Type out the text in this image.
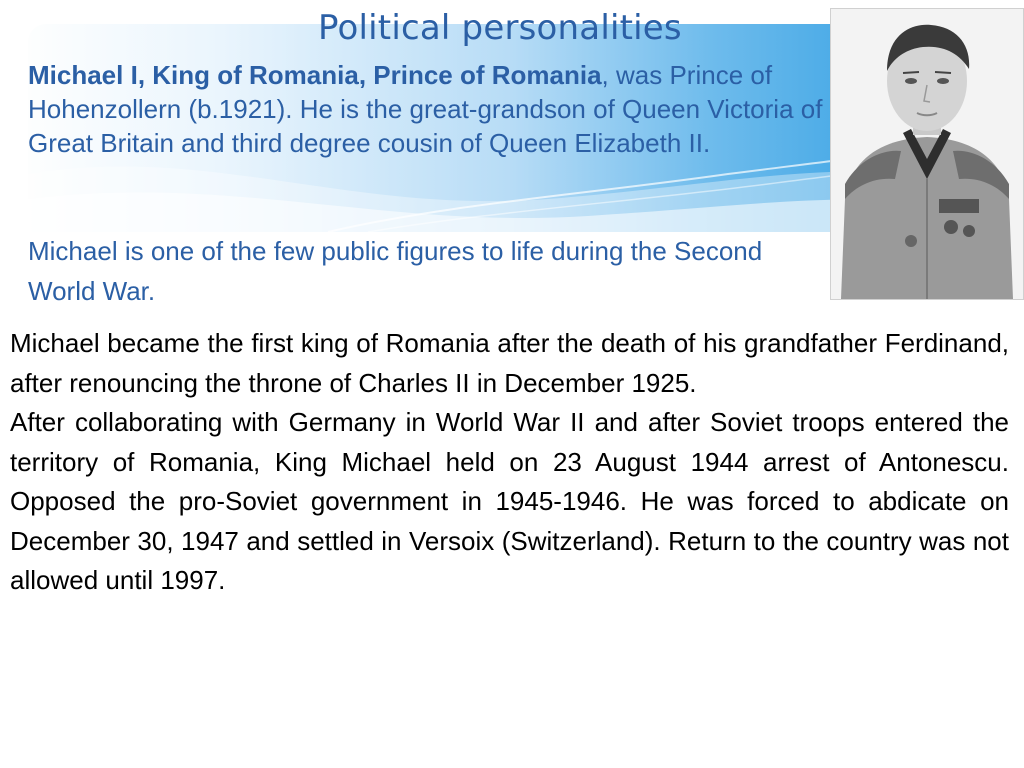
Political personalities

Michael I, King of Romania, Prince of Romania, was Prince of Hohenzollern (b.1921). He is the great-grandson of Queen Victoria of Great Britain and third degree cousin of Queen Elizabeth II.

Michael is one of the few public figures to life during the Second World War.

Michael became the first king of Romania after the death of his grandfather Ferdinand, after renouncing the throne of Charles II in December 1925.

After collaborating with Germany in World War II and after Soviet troops entered the territory of Romania, King Michael held on 23 August 1944 arrest of Antonescu. Opposed the pro-Soviet government in 1945-1946. He was forced to abdicate on December 30, 1947 and settled in Versoix (Switzerland). Return to the country was not allowed until 1997.
